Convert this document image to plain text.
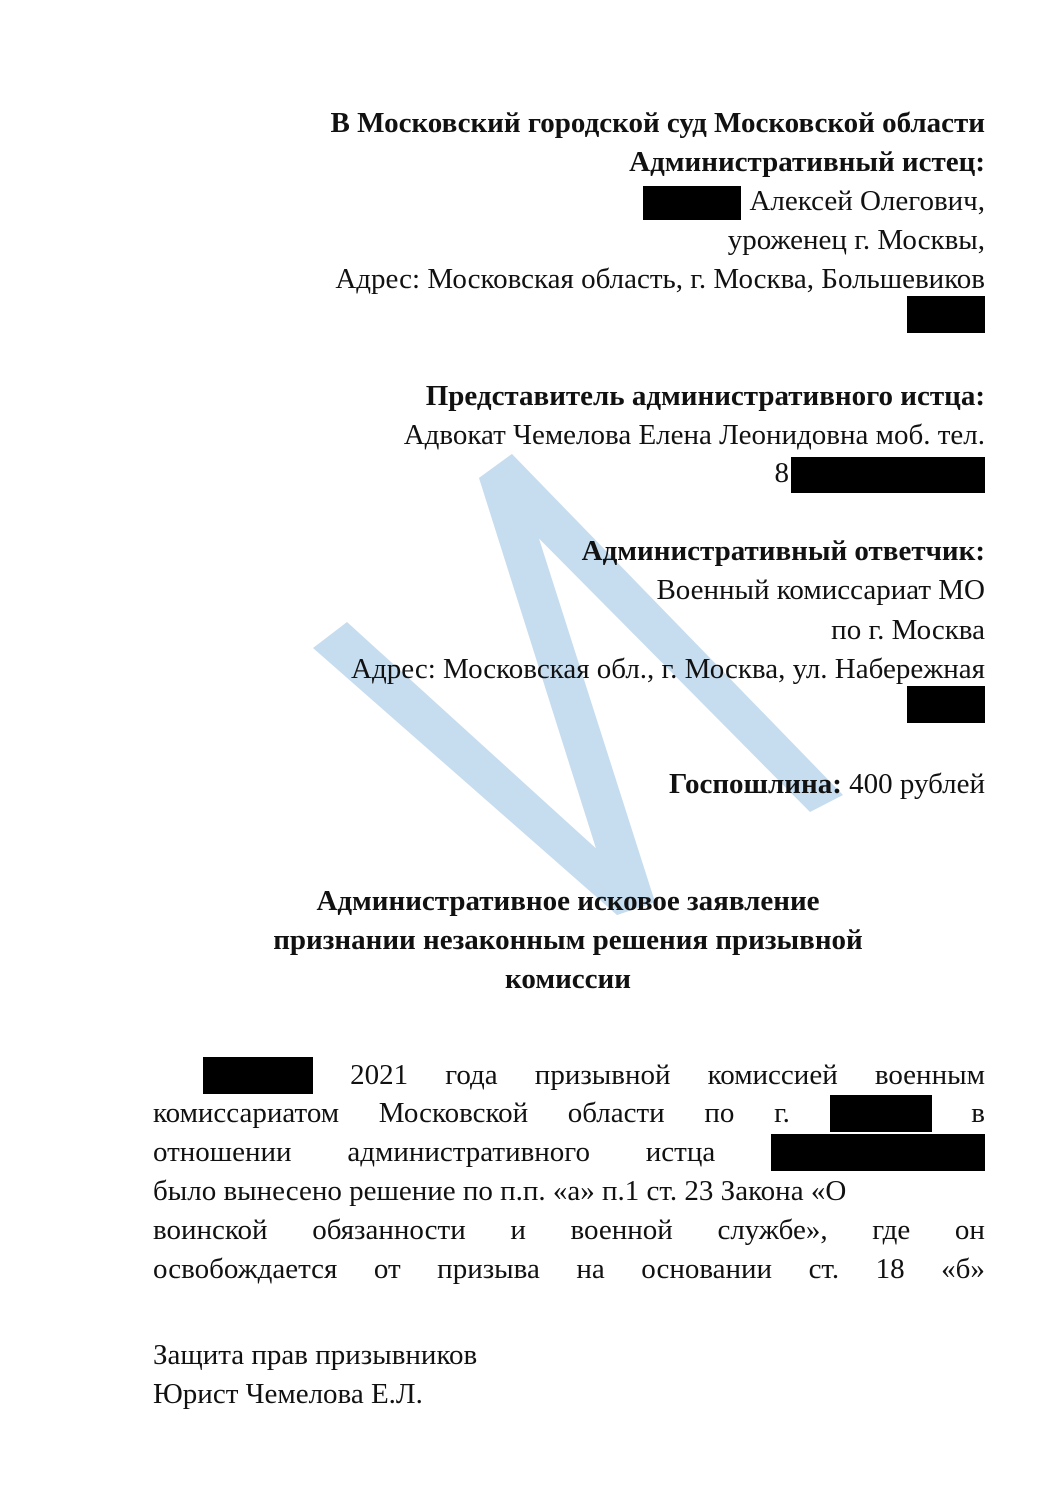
В Московский городской суд Московской области
Административный истец:
Алексей Олегович,
уроженец г. Москвы,
Адрес: Московская область, г. Москва, Большевиков
Представитель административного истца:
Адвокат Чемелова Елена Леонидовна моб. тел.
8
Административный ответчик:
Военный комиссариат МО
по г. Москва
Адрес: Московская обл., г. Москва, ул. Набережная
Госпошлина: 400 рублей
Административное исковое заявление
признании незаконным решения призывной
комиссии
2021 года призывной комиссией военным
комиссариатом Московской области по г.	в
отношении административного истца
было вынесено решение по п.п. «а» п.1 ст. 23 Закона «О
воинской обязанности и военной службе», где он
освобождается от призыва на основании ст. 18 «б»
Защита прав призывников
Юрист Чемелова Е.Л.
